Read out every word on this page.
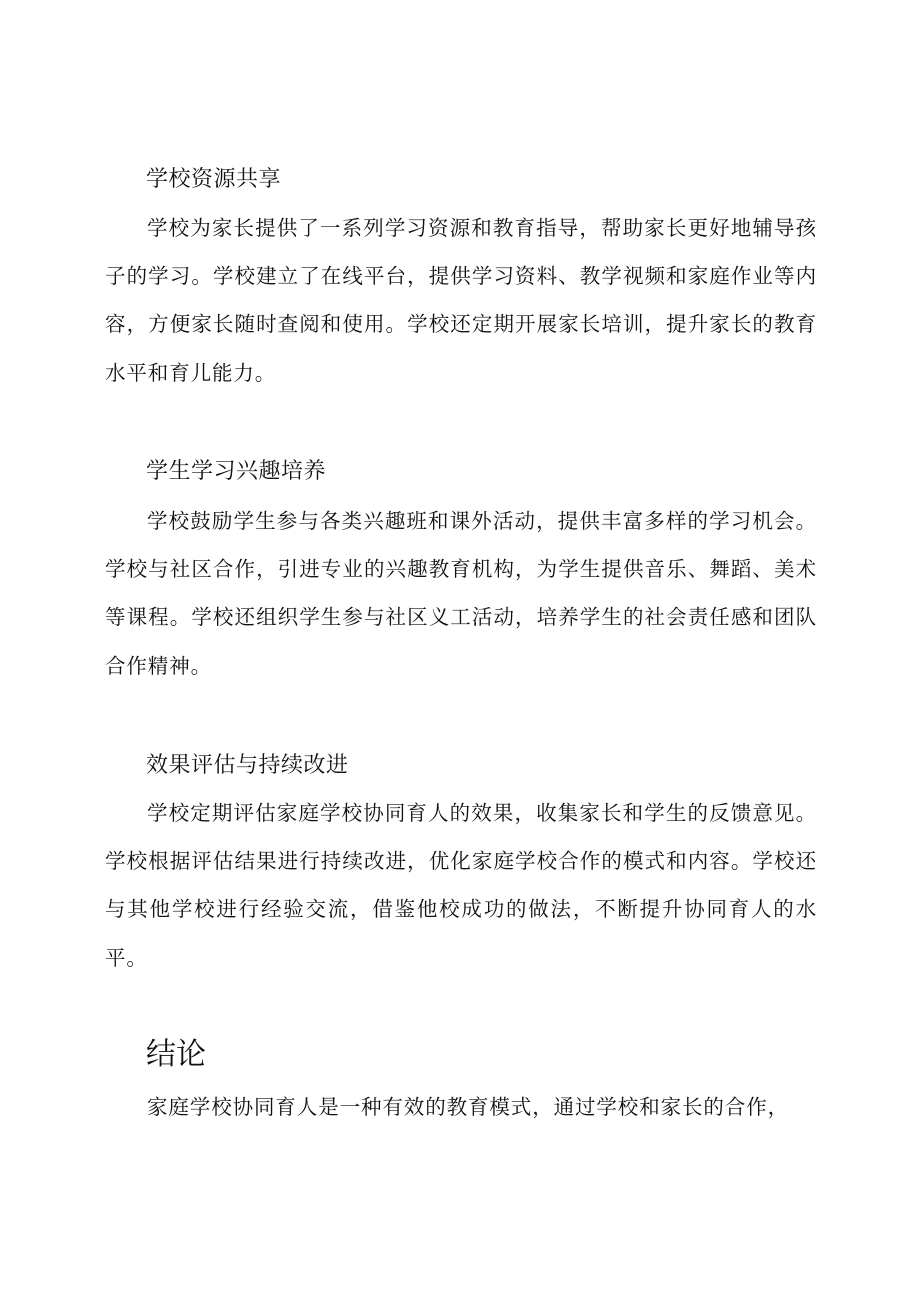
学校资源共享

学校为家长提供了一系列学习资源和教育指导，帮助家长更好地辅导孩子的学习。学校建立了在线平台，提供学习资料、教学视频和家庭作业等内容，方便家长随时查阅和使用。学校还定期开展家长培训，提升家长的教育水平和育儿能力。

学生学习兴趣培养

学校鼓励学生参与各类兴趣班和课外活动，提供丰富多样的学习机会。学校与社区合作，引进专业的兴趣教育机构，为学生提供音乐、舞蹈、美术等课程。学校还组织学生参与社区义工活动，培养学生的社会责任感和团队合作精神。

效果评估与持续改进

学校定期评估家庭学校协同育人的效果，收集家长和学生的反馈意见。学校根据评估结果进行持续改进，优化家庭学校合作的模式和内容。学校还与其他学校进行经验交流，借鉴他校成功的做法，不断提升协同育人的水平。

结论

家庭学校协同育人是一种有效的教育模式，通过学校和家长的合作，
